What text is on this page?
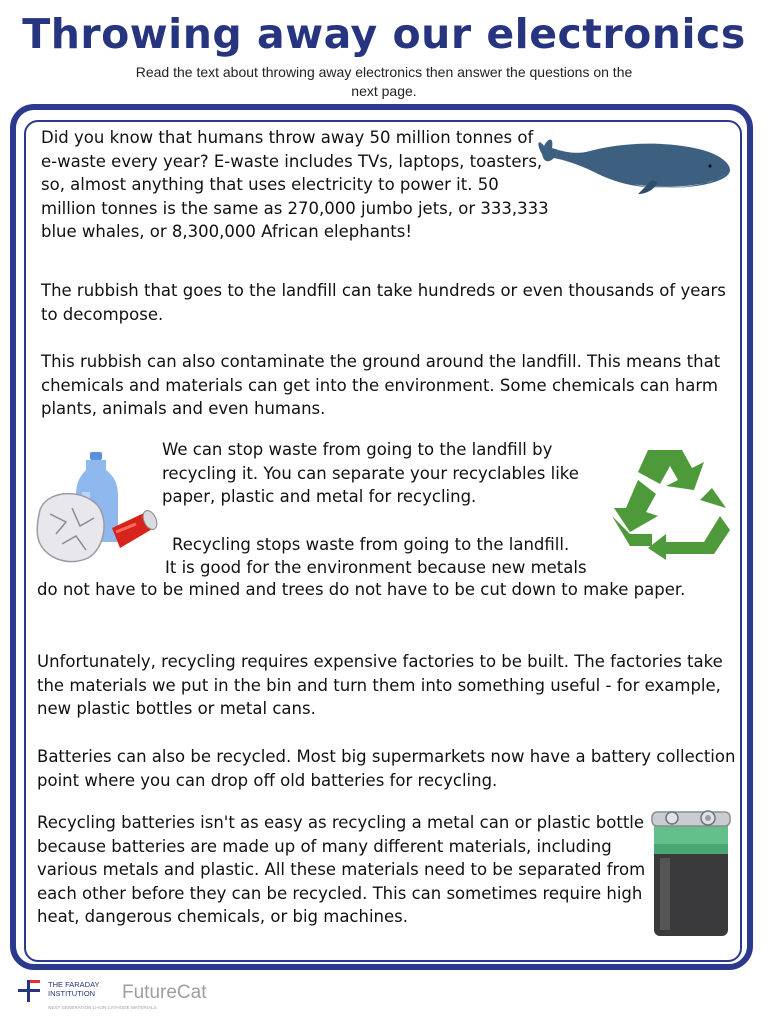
Throwing away our electronics
Read the text about throwing away electronics then answer the questions on the next page.

Did you know that humans throw away 50 million tonnes of e-waste every year? E-waste includes TVs, laptops, toasters, so, almost anything that uses electricity to power it. 50 million tonnes is the same as 270,000 jumbo jets, or 333,333 blue whales, or 8,300,000 African elephants!

The rubbish that goes to the landfill can take hundreds or even thousands of years to decompose.

This rubbish can also contaminate the ground around the landfill. This means that chemicals and materials can get into the environment. Some chemicals can harm plants, animals and even humans.

We can stop waste from going to the landfill by recycling it. You can separate your recyclables like paper, plastic and metal for recycling.

Recycling stops waste from going to the landfill.

It is good for the environment because new metals

do not have to be mined and trees do not have to be cut down to make paper.

Unfortunately, recycling requires expensive factories to be built. The factories take the materials we put in the bin and turn them into something useful - for example, new plastic bottles or metal cans.

Batteries can also be recycled. Most big supermarkets now have a battery collection point where you can drop off old batteries for recycling.

Recycling batteries isn't as easy as recycling a metal can or plastic bottle because batteries are made up of many different materials, including various metals and plastic. All these materials need to be separated from each other before they can be recycled. This can sometimes require high heat, dangerous chemicals, or big machines.

THE FARADAY
INSTITUTION FutureCat
NEXT GENERATION LI-ION CATHODE MATERIALS
